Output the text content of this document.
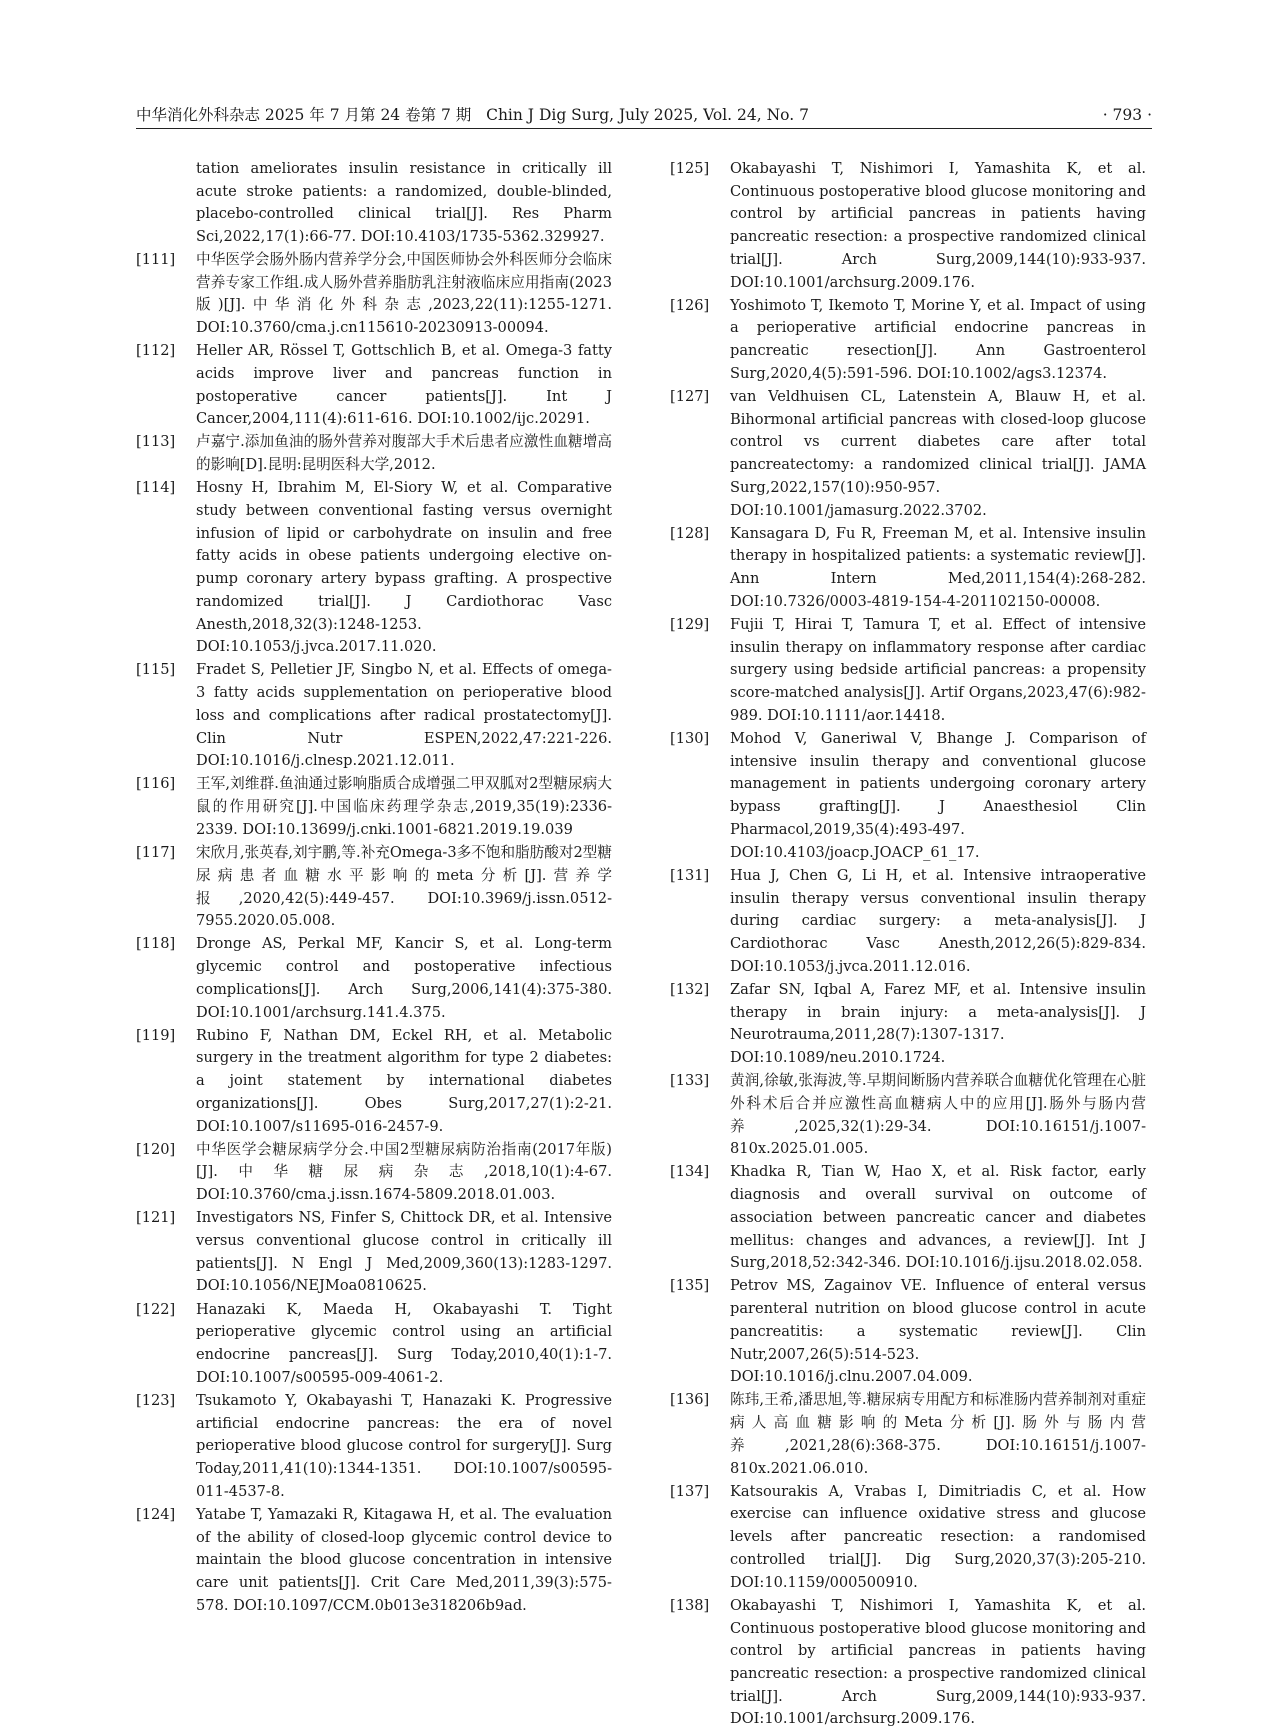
中华消化外科杂志 2025 年 7 月第 24 卷第 7 期 Chin J Dig Surg, July 2025, Vol. 24, No. 7	· 793 ·
tation ameliorates insulin resistance in critically ill acute stroke patients: a randomized, double-blinded, placebo-controlled clinical trial[J]. Res Pharm Sci,2022,17(1):66-77. DOI:10.4103/1735-5362.329927.
[111] 中华医学会肠外肠内营养学分会,中国医师协会外科医师分会临床营养专家工作组.成人肠外营养脂肪乳注射液临床应用指南(2023版)[J].中华消化外科杂志,2023,22(11):1255-1271. DOI:10.3760/cma.j.cn115610-20230913-00094.
[112] Heller AR, Rössel T, Gottschlich B, et al. Omega-3 fatty acids improve liver and pancreas function in postoperative cancer patients[J]. Int J Cancer,2004,111(4):611-616. DOI:10.1002/ijc.20291.
[113] 卢嘉宁.添加鱼油的肠外营养对腹部大手术后患者应激性血糖增高的影响[D].昆明:昆明医科大学,2012.
[114] Hosny H, Ibrahim M, El-Siory W, et al. Comparative study between conventional fasting versus overnight infusion of lipid or carbohydrate on insulin and free fatty acids in obese patients undergoing elective on-pump coronary artery bypass grafting. A prospective randomized trial[J]. J Cardiothorac Vasc Anesth,2018,32(3):1248-1253. DOI:10.1053/j.jvca.2017.11.020.
[115] Fradet S, Pelletier JF, Singbo N, et al. Effects of omega-3 fatty acids supplementation on perioperative blood loss and complications after radical prostatectomy[J]. Clin Nutr ESPEN,2022,47:221-226. DOI:10.1016/j.clnesp.2021.12.011.
[116] 王军,刘维群.鱼油通过影响脂质合成增强二甲双胍对2型糖尿病大鼠的作用研究[J].中国临床药理学杂志,2019,35(19):2336-2339. DOI:10.13699/j.cnki.1001-6821.2019.19.039
[117] 宋欣月,张英春,刘宇鹏,等.补充Omega-3多不饱和脂肪酸对2型糖尿病患者血糖水平影响的meta分析[J].营养学报,2020,42(5):449-457. DOI:10.3969/j.issn.0512-7955.2020.05.008.
[118] Dronge AS, Perkal MF, Kancir S, et al. Long-term glycemic control and postoperative infectious complications[J]. Arch Surg,2006,141(4):375-380. DOI:10.1001/archsurg.141.4.375.
[119] Rubino F, Nathan DM, Eckel RH, et al. Metabolic surgery in the treatment algorithm for type 2 diabetes: a joint statement by international diabetes organizations[J]. Obes Surg,2017,27(1):2-21. DOI:10.1007/s11695-016-2457-9.
[120] 中华医学会糖尿病学分会.中国2型糖尿病防治指南(2017年版)[J].中华糖尿病杂志,2018,10(1):4-67. DOI:10.3760/cma.j.issn.1674-5809.2018.01.003.
[121] Investigators NS, Finfer S, Chittock DR, et al. Intensive versus conventional glucose control in critically ill patients[J]. N Engl J Med,2009,360(13):1283-1297. DOI:10.1056/NEJMoa0810625.
[122] Hanazaki K, Maeda H, Okabayashi T. Tight perioperative glycemic control using an artificial endocrine pancreas[J]. Surg Today,2010,40(1):1-7. DOI:10.1007/s00595-009-4061-2.
[123] Tsukamoto Y, Okabayashi T, Hanazaki K. Progressive artificial endocrine pancreas: the era of novel perioperative blood glucose control for surgery[J]. Surg Today,2011,41(10):1344-1351. DOI:10.1007/s00595-011-4537-8.
[124] Yatabe T, Yamazaki R, Kitagawa H, et al. The evaluation of the ability of closed-loop glycemic control device to maintain the blood glucose concentration in intensive care unit patients[J]. Crit Care Med,2011,39(3):575-578. DOI:10.1097/CCM.0b013e318206b9ad.
[125] Okabayashi T, Nishimori I, Yamashita K, et al. Continuous postoperative blood glucose monitoring and control by artificial pancreas in patients having pancreatic resection: a prospective randomized clinical trial[J]. Arch Surg,2009,144(10):933-937. DOI:10.1001/archsurg.2009.176.
[126] Yoshimoto T, Ikemoto T, Morine Y, et al. Impact of using a perioperative artificial endocrine pancreas in pancreatic resection[J]. Ann Gastroenterol Surg,2020,4(5):591-596. DOI:10.1002/ags3.12374.
[127] van Veldhuisen CL, Latenstein A, Blauw H, et al. Bihormonal artificial pancreas with closed-loop glucose control vs current diabetes care after total pancreatectomy: a randomized clinical trial[J]. JAMA Surg,2022,157(10):950-957. DOI:10.1001/jamasurg.2022.3702.
[128] Kansagara D, Fu R, Freeman M, et al. Intensive insulin therapy in hospitalized patients: a systematic review[J]. Ann Intern Med,2011,154(4):268-282. DOI:10.7326/0003-4819-154-4-201102150-00008.
[129] Fujii T, Hirai T, Tamura T, et al. Effect of intensive insulin therapy on inflammatory response after cardiac surgery using bedside artificial pancreas: a propensity score-matched analysis[J]. Artif Organs,2023,47(6):982-989. DOI:10.1111/aor.14418.
[130] Mohod V, Ganeriwal V, Bhange J. Comparison of intensive insulin therapy and conventional glucose management in patients undergoing coronary artery bypass grafting[J]. J Anaesthesiol Clin Pharmacol,2019,35(4):493-497. DOI:10.4103/joacp.JOACP_61_17.
[131] Hua J, Chen G, Li H, et al. Intensive intraoperative insulin therapy versus conventional insulin therapy during cardiac surgery: a meta-analysis[J]. J Cardiothorac Vasc Anesth,2012,26(5):829-834. DOI:10.1053/j.jvca.2011.12.016.
[132] Zafar SN, Iqbal A, Farez MF, et al. Intensive insulin therapy in brain injury: a meta-analysis[J]. J Neurotrauma,2011,28(7):1307-1317. DOI:10.1089/neu.2010.1724.
[133] 黄润,徐敏,张海波,等.早期间断肠内营养联合血糖优化管理在心脏外科术后合并应激性高血糖病人中的应用[J].肠外与肠内营养,2025,32(1):29-34. DOI:10.16151/j.1007-810x.2025.01.005.
[134] Khadka R, Tian W, Hao X, et al. Risk factor, early diagnosis and overall survival on outcome of association between pancreatic cancer and diabetes mellitus: changes and advances, a review[J]. Int J Surg,2018,52:342-346. DOI:10.1016/j.ijsu.2018.02.058.
[135] Petrov MS, Zagainov VE. Influence of enteral versus parenteral nutrition on blood glucose control in acute pancreatitis: a systematic review[J]. Clin Nutr,2007,26(5):514-523. DOI:10.1016/j.clnu.2007.04.009.
[136] 陈玮,王希,潘思旭,等.糖尿病专用配方和标准肠内营养制剂对重症病人高血糖影响的Meta分析[J].肠外与肠内营养,2021,28(6):368-375. DOI:10.16151/j.1007-810x.2021.06.010.
[137] Katsourakis A, Vrabas I, Dimitriadis C, et al. How exercise can influence oxidative stress and glucose levels after pancreatic resection: a randomised controlled trial[J]. Dig Surg,2020,37(3):205-210. DOI:10.1159/000500910.
[138] Okabayashi T, Nishimori I, Yamashita K, et al. Continuous postoperative blood glucose monitoring and control by artificial pancreas in patients having pancreatic resection: a prospective randomized clinical trial[J]. Arch Surg,2009,144(10):933-937. DOI:10.1001/archsurg.2009.176.
